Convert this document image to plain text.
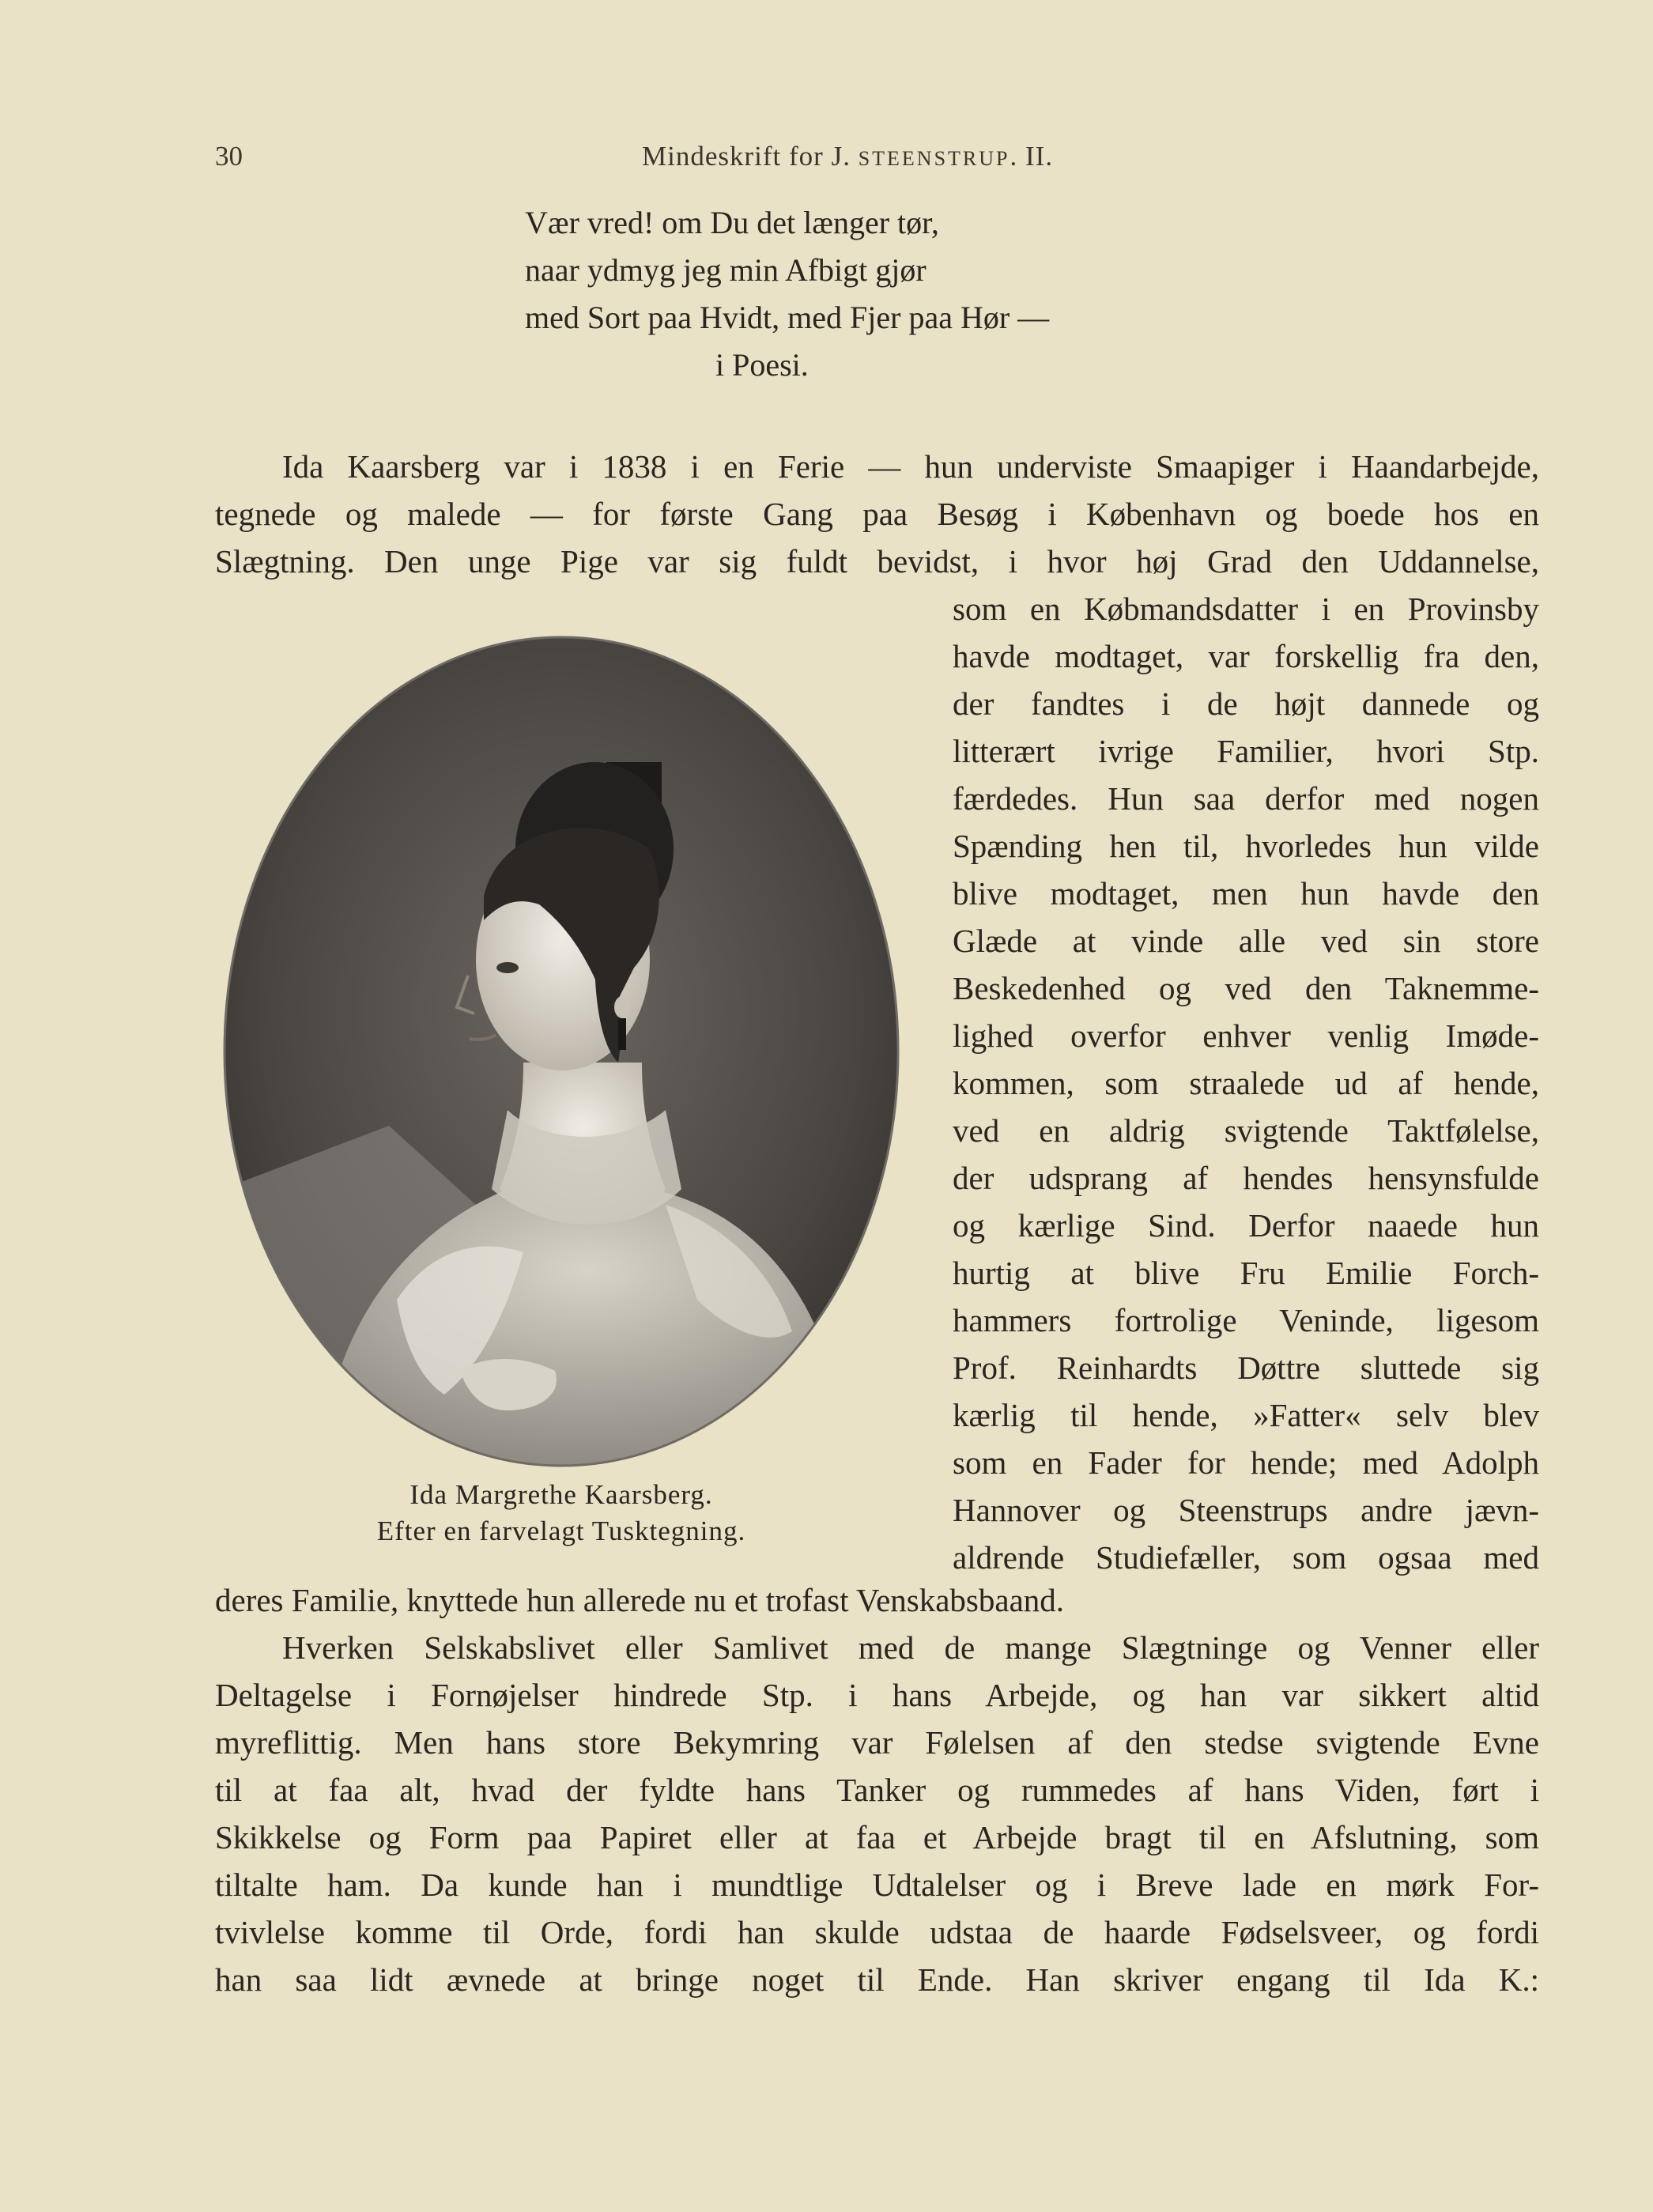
30	Mindeskrift for J. STEENSTRUP. II.
Vær vred! om Du det længer tør,
naar ydmyg jeg min Afbigt gjør
med Sort paa Hvidt, med Fjer paa Hør —
i Poesi.
Ida Kaarsberg var i 1838 i en Ferie — hun underviste Smaapiger i Haandarbejde,
tegnede og malede — for første Gang paa Besøg i København og boede hos en
Slægtning. Den unge Pige var sig fuldt bevidst, i hvor høj Grad den Uddannelse,
som en Købmandsdatter i en Provinsby
havde modtaget, var forskellig fra den,
der fandtes i de højt dannede og
litterært ivrige Familier, hvori Stp.
færdedes. Hun saa derfor med nogen
Spænding hen til, hvorledes hun vilde
blive modtaget, men hun havde den
Glæde at vinde alle ved sin store
Beskedenhed og ved den Taknemme-
lighed overfor enhver venlig Imøde-
kommen, som straalede ud af hende,
ved en aldrig svigtende Taktfølelse,
der udsprang af hendes hensynsfulde
og kærlige Sind. Derfor naaede hun
hurtig at blive Fru Emilie Forch-
hammers fortrolige Veninde, ligesom
Prof. Reinhardts Døttre sluttede sig
kærlig til hende, »Fatter« selv blev
som en Fader for hende; med Adolph
Hannover og Steenstrups andre jævn-
aldrende Studiefæller, som ogsaa med
Ida Margrethe Kaarsberg.
Efter en farvelagt Tusktegning.
deres Familie, knyttede hun allerede nu et trofast Venskabsbaand.
Hverken Selskabslivet eller Samlivet med de mange Slægtninge og Venner eller
Deltagelse i Fornøjelser hindrede Stp. i hans Arbejde, og han var sikkert altid
myreflittig. Men hans store Bekymring var Følelsen af den stedse svigtende Evne
til at faa alt, hvad der fyldte hans Tanker og rummedes af hans Viden, ført i
Skikkelse og Form paa Papiret eller at faa et Arbejde bragt til en Afslutning, som
tiltalte ham. Da kunde han i mundtlige Udtalelser og i Breve lade en mørk For-
tvivlelse komme til Orde, fordi han skulde udstaa de haarde Fødselsveer, og fordi
han saa lidt ævnede at bringe noget til Ende. Han skriver engang til Ida K.:
